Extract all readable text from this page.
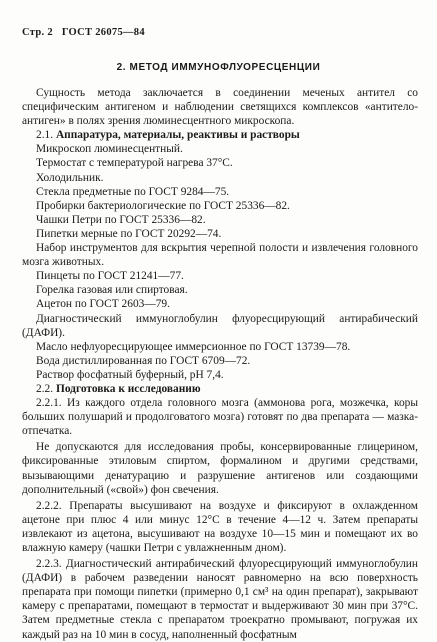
Стр. 2 ГОСТ 26075—84
2. МЕТОД ИММУНОФЛУОРЕСЦЕНЦИИ

Сущность метода заключается в соединении меченых антител со специфическим антигеном и наблюдении светящихся комплексов «антитело-антиген» в полях зрения люминесцентного микроскопа.

2.1. Аппаратура, материалы, реактивы и растворы

Микроскоп люминесцентный.

Термостат с температурой нагрева 37°С.

Холодильник.

Стекла предметные по ГОСТ 9284—75.

Пробирки бактериологические по ГОСТ 25336—82.

Чашки Петри по ГОСТ 25336—82.

Пипетки мерные по ГОСТ 20292—74.

Набор инструментов для вскрытия черепной полости и извлечения головного мозга животных.

Пинцеты по ГОСТ 21241—77.

Горелка газовая или спиртовая.

Ацетон по ГОСТ 2603—79.

Диагностический иммуноглобулин флуоресцирующий антирабический (ДАФИ).

Масло нефлуоресцирующее иммерсионное по ГОСТ 13739—78.

Вода дистиллированная по ГОСТ 6709—72.

Раствор фосфатный буферный, рН 7,4.

2.2. Подготовка к исследованию

2.2.1. Из каждого отдела головного мозга (аммонова рога, мозжечка, коры больших полушарий и продолговатого мозга) готовят по два препарата — мазка-отпечатка.

Не допускаются для исследования пробы, консервированные глицерином, фиксированные этиловым спиртом, формалином и другими средствами, вызывающими денатурацию и разрушение антигенов или создающими дополнительный («свой») фон свечения.

2.2.2. Препараты высушивают на воздухе и фиксируют в охлажденном ацетоне при плюс 4 или минус 12°С в течение 4—12 ч. Затем препараты извлекают из ацетона, высушивают на воздухе 10—15 мин и помещают их во влажную камеру (чашки Петри с увлажненным дном).

2.2.3. Диагностический антирабический флуоресцирующий иммуноглобулин (ДАФИ) в рабочем разведении наносят равномерно на всю поверхность препарата при помощи пипетки (примерно 0,1 см³ на один препарат), закрывают камеру с препаратами, помещают в термостат и выдерживают 30 мин при 37°С. Затем предметные стекла с препаратом троекратно промывают, погружая их каждый раз на 10 мин в сосуд, наполненный фосфатным
